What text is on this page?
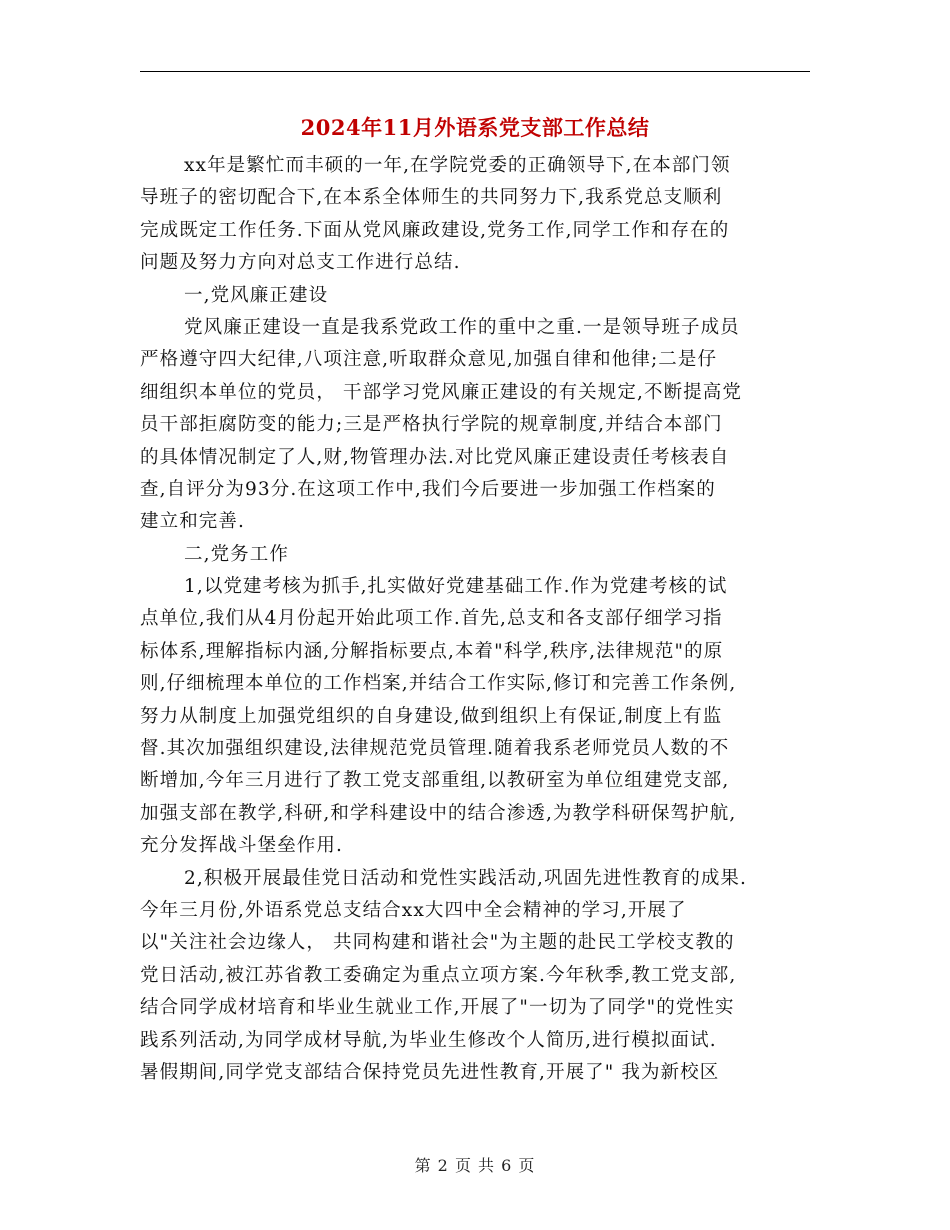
2024年11月外语系党支部工作总结
xx年是繁忙而丰硕的一年,在学院党委的正确领导下,在本部门领
导班子的密切配合下,在本系全体师生的共同努力下,我系党总支顺利
完成既定工作任务.下面从党风廉政建设,党务工作,同学工作和存在的
问题及努力方向对总支工作进行总结.
一,党风廉正建设
党风廉正建设一直是我系党政工作的重中之重.一是领导班子成员
严格遵守四大纪律,八项注意,听取群众意见,加强自律和他律;二是仔
细组织本单位的党员， 干部学习党风廉正建设的有关规定,不断提高党
员干部拒腐防变的能力;三是严格执行学院的规章制度,并结合本部门
的具体情况制定了人,财,物管理办法.对比党风廉正建设责任考核表自
查,自评分为93分.在这项工作中,我们今后要进一步加强工作档案的
建立和完善.
二,党务工作
1,以党建考核为抓手,扎实做好党建基础工作.作为党建考核的试
点单位,我们从4月份起开始此项工作.首先,总支和各支部仔细学习指
标体系,理解指标内涵,分解指标要点,本着"科学,秩序,法律规范"的原
则,仔细梳理本单位的工作档案,并结合工作实际,修订和完善工作条例,
努力从制度上加强党组织的自身建设,做到组织上有保证,制度上有监
督.其次加强组织建设,法律规范党员管理.随着我系老师党员人数的不
断增加,今年三月进行了教工党支部重组,以教研室为单位组建党支部,
加强支部在教学,科研,和学科建设中的结合渗透,为教学科研保驾护航,
充分发挥战斗堡垒作用.
2,积极开展最佳党日活动和党性实践活动,巩固先进性教育的成果.
今年三月份,外语系党总支结合xx大四中全会精神的学习,开展了
以"关注社会边缘人， 共同构建和谐社会"为主题的赴民工学校支教的
党日活动,被江苏省教工委确定为重点立项方案.今年秋季,教工党支部,
结合同学成材培育和毕业生就业工作,开展了"一切为了同学"的党性实
践系列活动,为同学成材导航,为毕业生修改个人简历,进行模拟面试.
暑假期间,同学党支部结合保持党员先进性教育,开展了" 我为新校区
第 2 页 共 6 页
